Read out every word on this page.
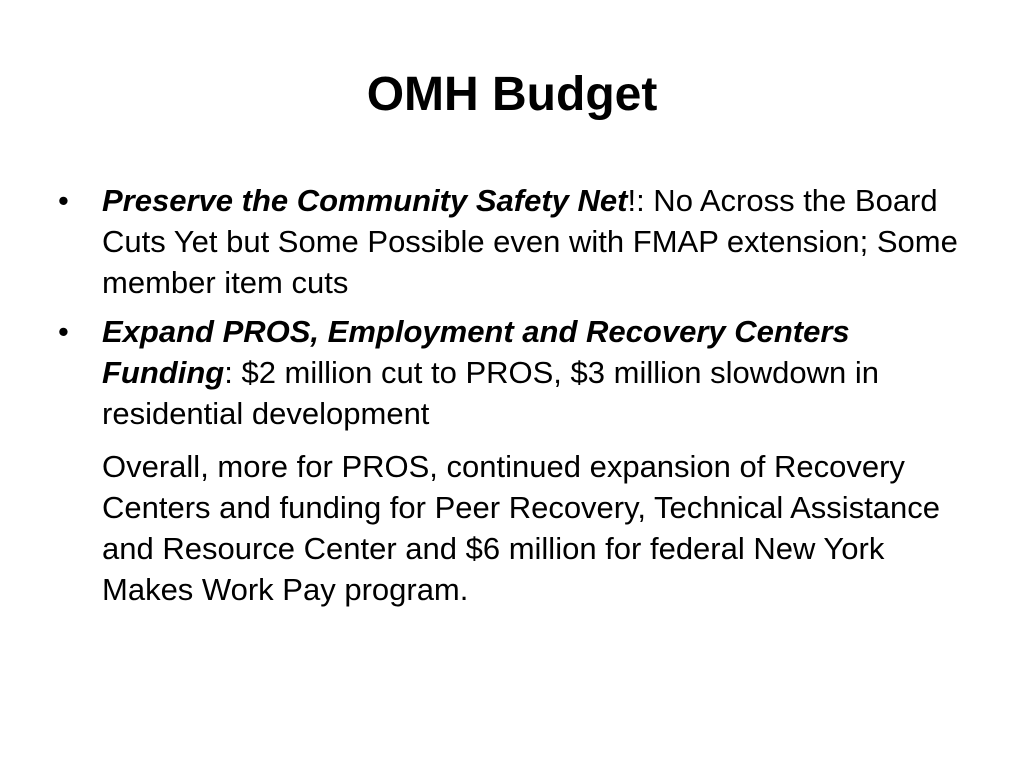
OMH Budget
•	Preserve the Community Safety Net!: No Across the Board Cuts Yet but Some Possible even with FMAP extension; Some member item cuts
•	Expand PROS, Employment and Recovery Centers Funding: $2 million cut to PROS, $3 million slowdown in residential development

Overall, more for PROS, continued expansion of Recovery Centers and funding for Peer Recovery, Technical Assistance and Resource Center and $6 million for federal New York Makes Work Pay program.
